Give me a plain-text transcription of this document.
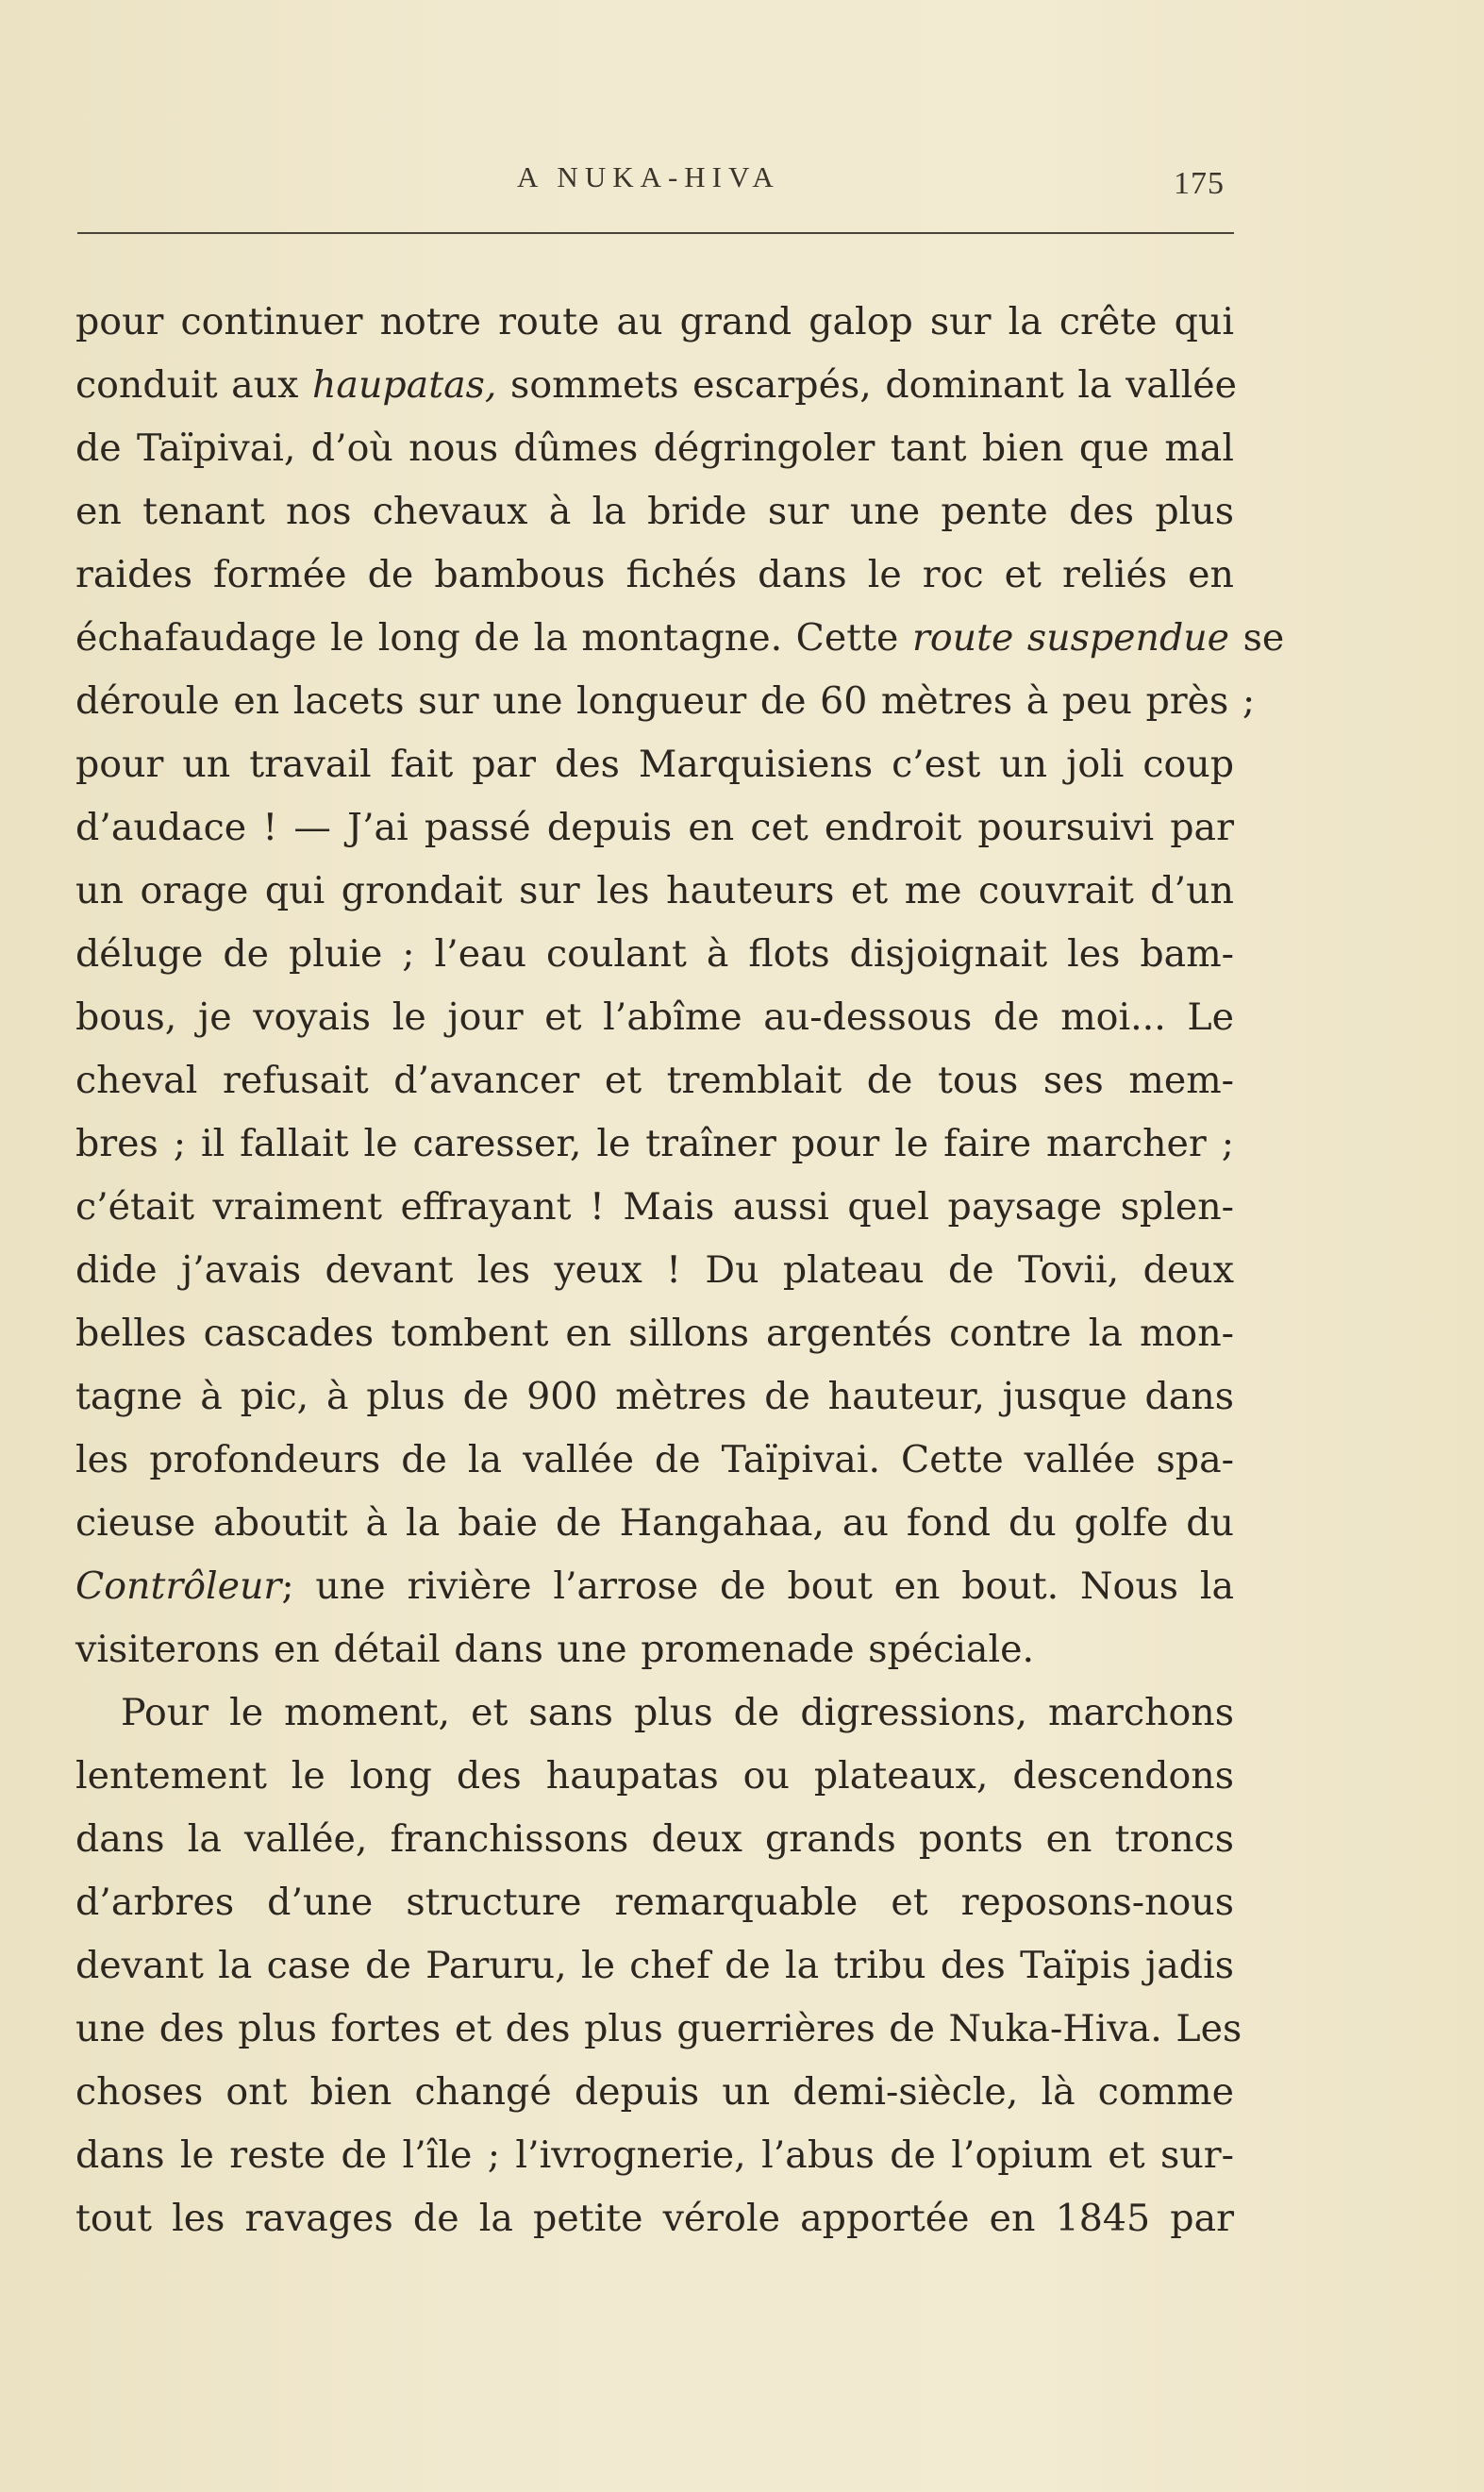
A NUKA-HIVA	175
pour continuer notre route au grand galop sur la crête qui
conduit aux haupatas, sommets escarpés, dominant la vallée
de Taïpivai, d’où nous dûmes dégringoler tant bien que mal
en tenant nos chevaux à la bride sur une pente des plus
raides formée de bambous fichés dans le roc et reliés en
échafaudage le long de la montagne. Cette route suspendue se
déroule en lacets sur une longueur de 60 mètres à peu près ;
pour un travail fait par des Marquisiens c’est un joli coup
d’audace ! — J’ai passé depuis en cet endroit poursuivi par
un orage qui grondait sur les hauteurs et me couvrait d’un
déluge de pluie ; l’eau coulant à flots disjoignait les bam-
bous, je voyais le jour et l’abîme au-dessous de moi... Le
cheval refusait d’avancer et tremblait de tous ses mem-
bres ; il fallait le caresser, le traîner pour le faire marcher ;
c’était vraiment effrayant ! Mais aussi quel paysage splen-
dide j’avais devant les yeux ! Du plateau de Tovii, deux
belles cascades tombent en sillons argentés contre la mon-
tagne à pic, à plus de 900 mètres de hauteur, jusque dans
les profondeurs de la vallée de Taïpivai. Cette vallée spa-
cieuse aboutit à la baie de Hangahaa, au fond du golfe du
Contrôleur; une rivière l’arrose de bout en bout. Nous la
visiterons en détail dans une promenade spéciale.
Pour le moment, et sans plus de digressions, marchons
lentement le long des haupatas ou plateaux, descendons
dans la vallée, franchissons deux grands ponts en troncs
d’arbres d’une structure remarquable et reposons-nous
devant la case de Paruru, le chef de la tribu des Taïpis jadis
une des plus fortes et des plus guerrières de Nuka-Hiva. Les
choses ont bien changé depuis un demi-siècle, là comme
dans le reste de l’île ; l’ivrognerie, l’abus de l’opium et sur-
tout les ravages de la petite vérole apportée en 1845 par
